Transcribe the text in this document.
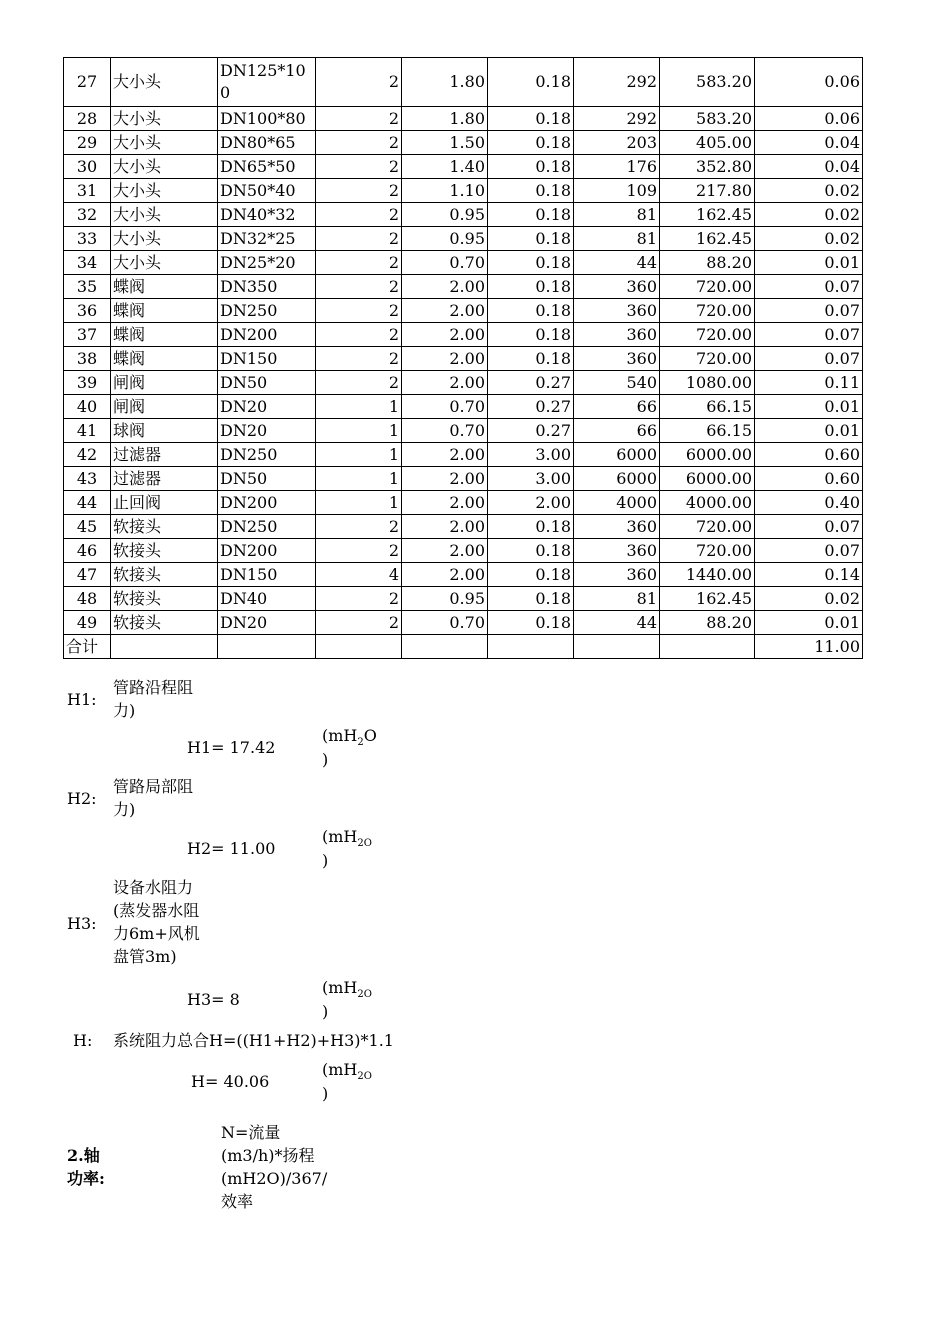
27	大小头	DN125*100	2	1.80	0.18	292	583.20	0.06
28	大小头	DN100*80	2	1.80	0.18	292	583.20	0.06
29	大小头	DN80*65	2	1.50	0.18	203	405.00	0.04
30	大小头	DN65*50	2	1.40	0.18	176	352.80	0.04
31	大小头	DN50*40	2	1.10	0.18	109	217.80	0.02
32	大小头	DN40*32	2	0.95	0.18	81	162.45	0.02
33	大小头	DN32*25	2	0.95	0.18	81	162.45	0.02
34	大小头	DN25*20	2	0.70	0.18	44	88.20	0.01
35	蝶阀	DN350	2	2.00	0.18	360	720.00	0.07
36	蝶阀	DN250	2	2.00	0.18	360	720.00	0.07
37	蝶阀	DN200	2	2.00	0.18	360	720.00	0.07
38	蝶阀	DN150	2	2.00	0.18	360	720.00	0.07
39	闸阀	DN50	2	2.00	0.27	540	1080.00	0.11
40	闸阀	DN20	1	0.70	0.27	66	66.15	0.01
41	球阀	DN20	1	0.70	0.27	66	66.15	0.01
42	过滤器	DN250	1	2.00	3.00	6000	6000.00	0.60
43	过滤器	DN50	1	2.00	3.00	6000	6000.00	0.60
44	止回阀	DN200	1	2.00	2.00	4000	4000.00	0.40
45	软接头	DN250	2	2.00	0.18	360	720.00	0.07
46	软接头	DN200	2	2.00	0.18	360	720.00	0.07
47	软接头	DN150	4	2.00	0.18	360	1440.00	0.14
48	软接头	DN40	2	0.95	0.18	81	162.45	0.02
49	软接头	DN20	2	0.70	0.18	44	88.20	0.01
合计								11.00
H1:
管路沿程阻力)
H1= 17.42
($mH_2O$
)
H2:
管路局部阻力)
H2= 11.00
($mH_{2O}$
)
H3:
设备水阻力(蒸发器水阻力6m+风机盘管3m)
H3= 8
($mH_{2O}$
)
H: 系统阻力总合H=((H1+H2)+H3)*1.1
H= 40.06
($mH_{2O}$
)
2.轴功率:
N=流量(m3/h)*扬程(mH2O)/367/效率
